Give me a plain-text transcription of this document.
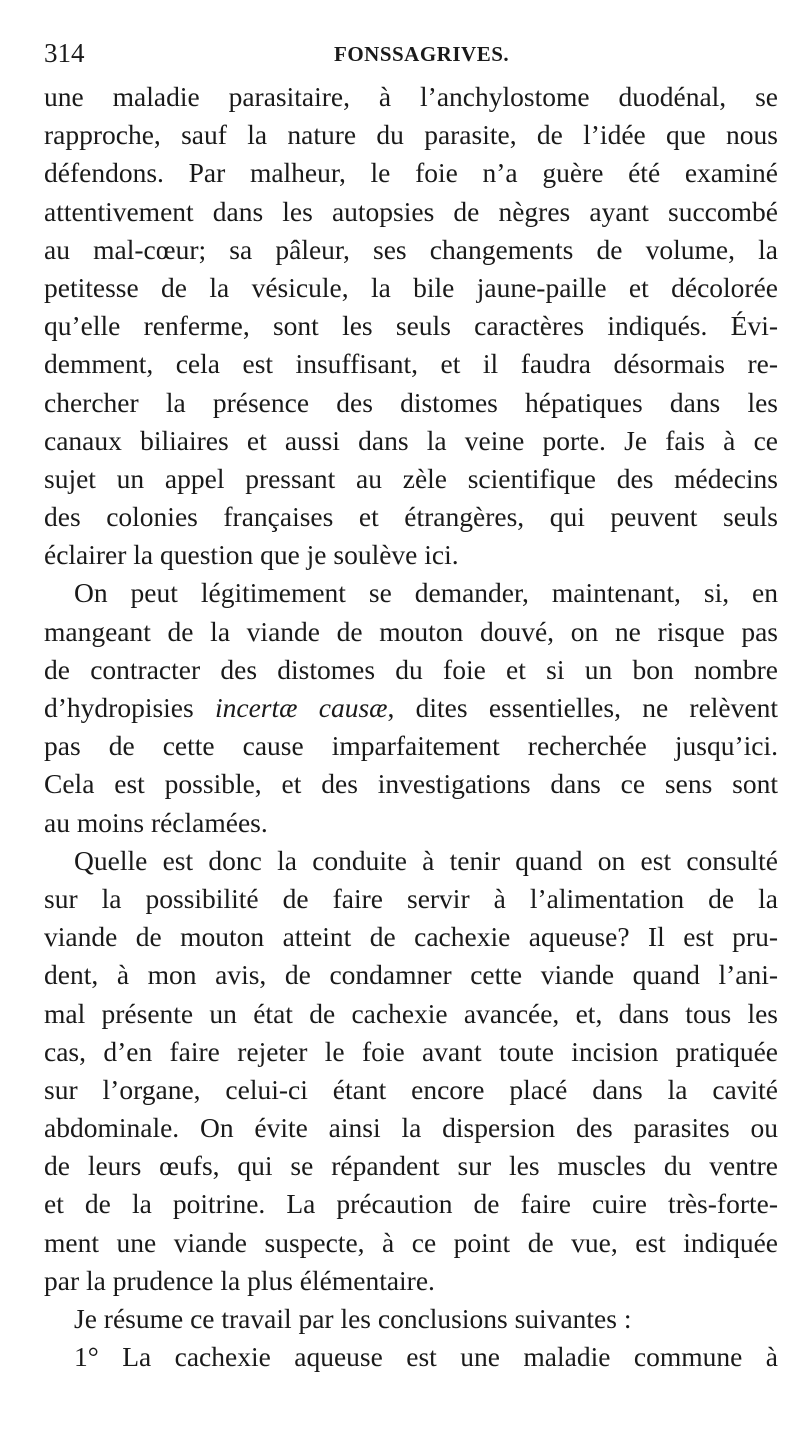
314	FONSSAGRIVES.
une maladie parasitaire, à l’anchylostome duodénal, se
rapproche, sauf la nature du parasite, de l’idée que nous
défendons. Par malheur, le foie n’a guère été examiné
attentivement dans les autopsies de nègres ayant succombé
au mal-cœur; sa pâleur, ses changements de volume, la
petitesse de la vésicule, la bile jaune-paille et décolorée
qu’elle renferme, sont les seuls caractères indiqués. Évi-
demment, cela est insuffisant, et il faudra désormais re-
chercher la présence des distomes hépatiques dans les
canaux biliaires et aussi dans la veine porte. Je fais à ce
sujet un appel pressant au zèle scientifique des médecins
des colonies françaises et étrangères, qui peuvent seuls
éclairer la question que je soulève ici.
On peut légitimement se demander, maintenant, si, en
mangeant de la viande de mouton douvé, on ne risque pas
de contracter des distomes du foie et si un bon nombre
d’hydropisies incertæ causæ, dites essentielles, ne relèvent
pas de cette cause imparfaitement recherchée jusqu’ici.
Cela est possible, et des investigations dans ce sens sont
au moins réclamées.
Quelle est donc la conduite à tenir quand on est consulté
sur la possibilité de faire servir à l’alimentation de la
viande de mouton atteint de cachexie aqueuse? Il est pru-
dent, à mon avis, de condamner cette viande quand l’ani-
mal présente un état de cachexie avancée, et, dans tous les
cas, d’en faire rejeter le foie avant toute incision pratiquée
sur l’organe, celui-ci étant encore placé dans la cavité
abdominale. On évite ainsi la dispersion des parasites ou
de leurs œufs, qui se répandent sur les muscles du ventre
et de la poitrine. La précaution de faire cuire très-forte-
ment une viande suspecte, à ce point de vue, est indiquée
par la prudence la plus élémentaire.
Je résume ce travail par les conclusions suivantes :
1° La cachexie aqueuse est une maladie commune à
